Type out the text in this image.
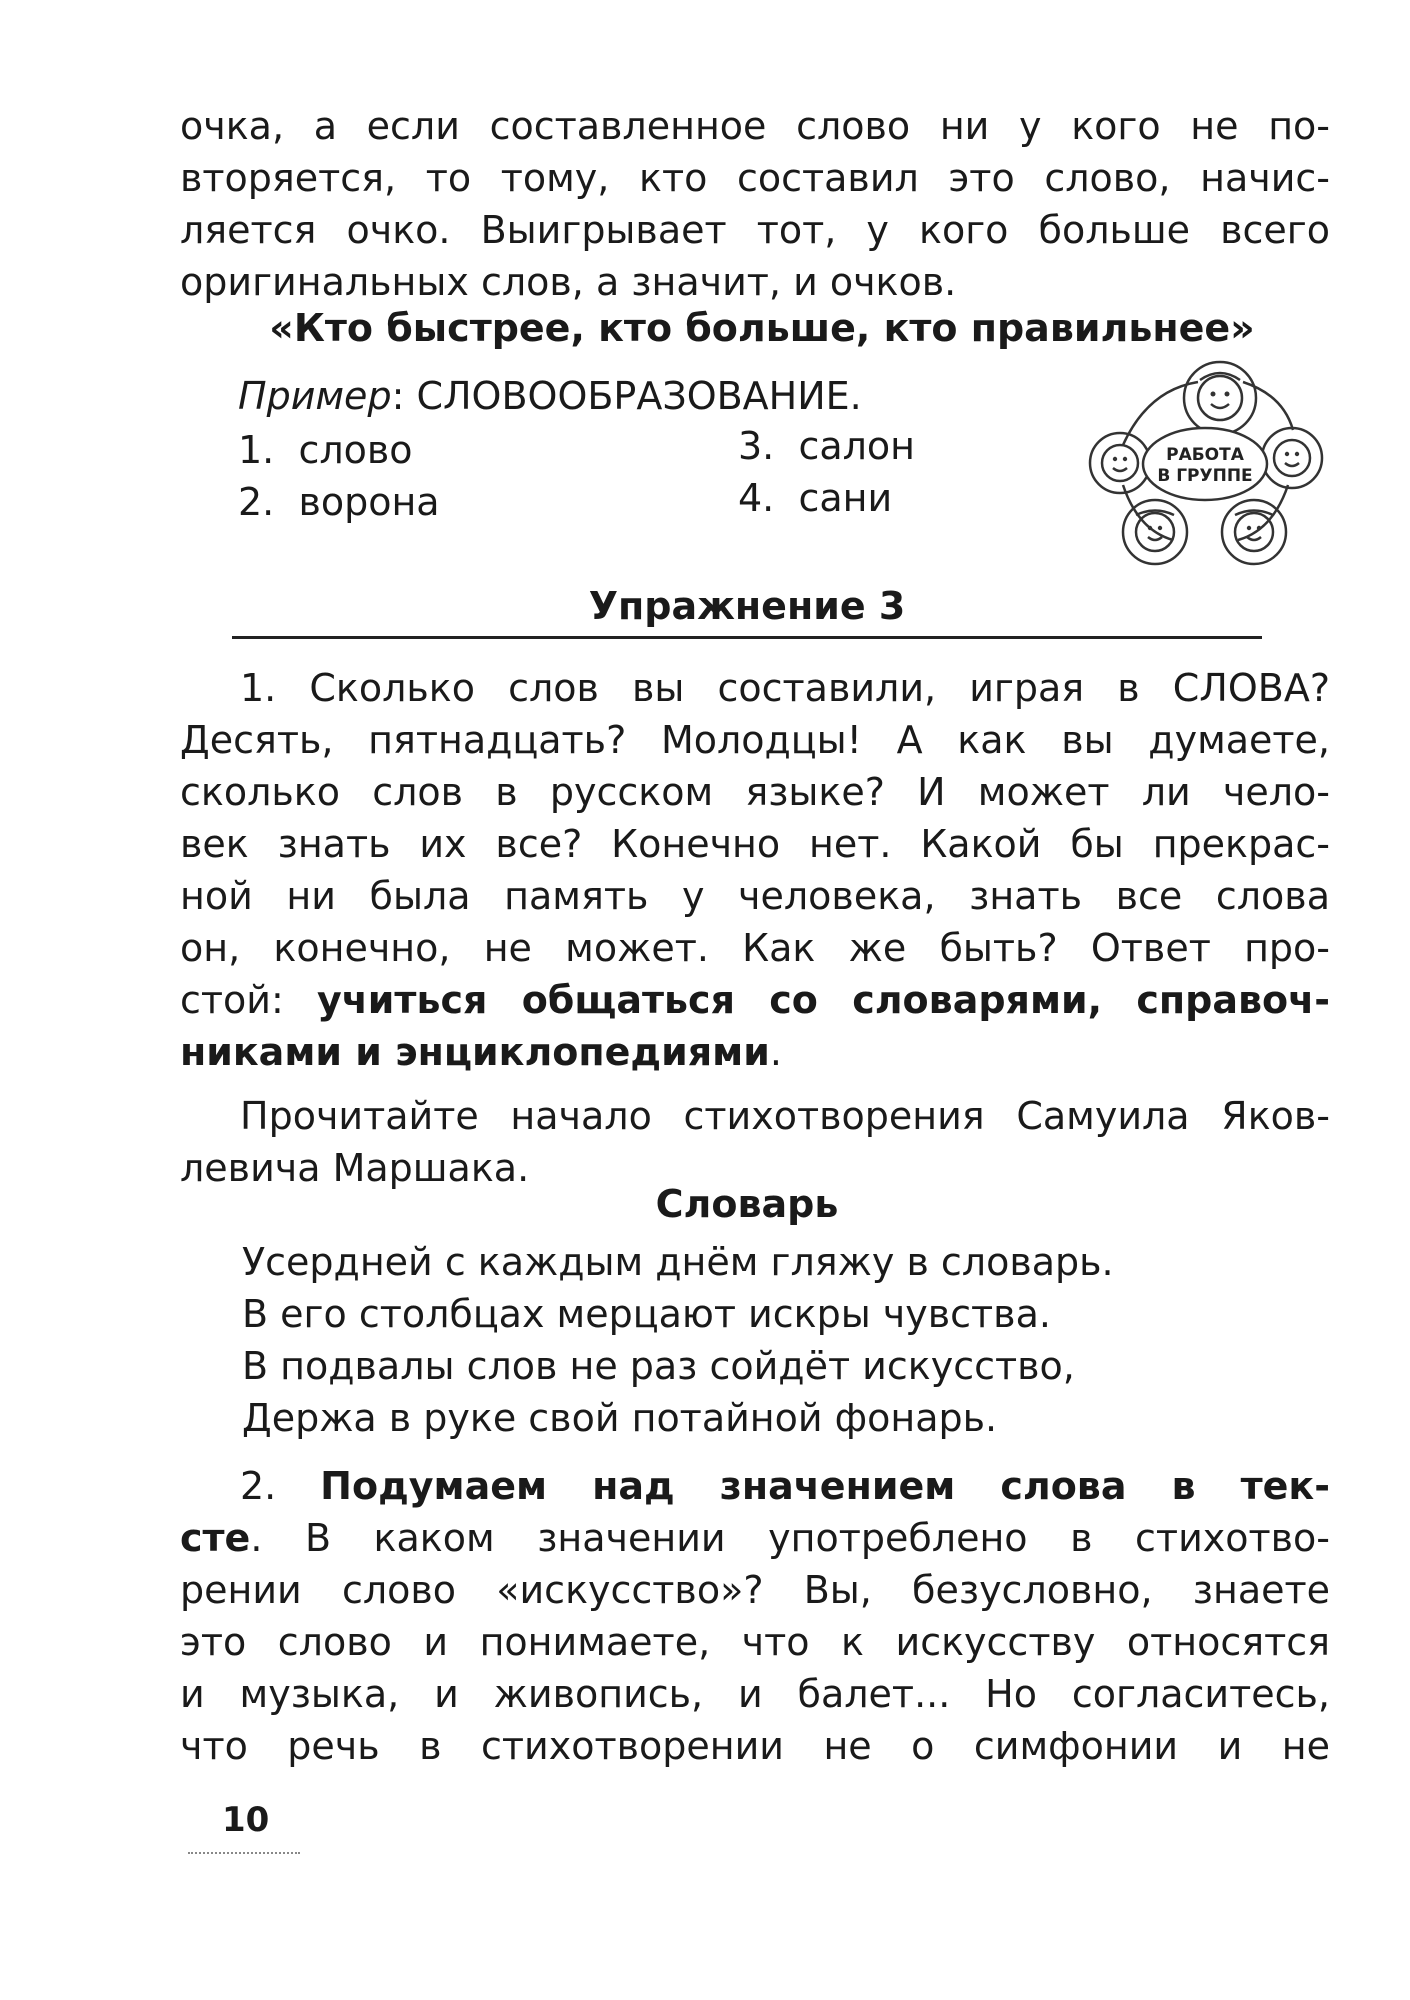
очка, а если составленное слово ни у кого не по-
вторяется, то тому, кто составил это слово, начис-
ляется очко. Выигрывает тот, у кого больше всего
оригинальных слов, а значит, и очков.
«Кто быстрее, кто больше, кто правильнее»
Пример: СЛОВООБРАЗОВАНИЕ.
1. слово
2. ворона
3. салон
4. сани
РАБОТА
В ГРУППЕ
Упражнение 3
1. Сколько слов вы составили, играя в СЛОВА?
Десять, пятнадцать? Молодцы! А как вы думаете,
сколько слов в русском языке? И может ли чело-
век знать их все? Конечно нет. Какой бы прекрас-
ной ни была память у человека, знать все слова
он, конечно, не может. Как же быть? Ответ про-
стой: учиться общаться со словарями, справоч-
никами и энциклопедиями.
Прочитайте начало стихотворения Самуила Яков-
левича Маршака.
Словарь
Усердней с каждым днём гляжу в словарь.
В его столбцах мерцают искры чувства.
В подвалы слов не раз сойдёт искусство,
Держа в руке свой потайной фонарь.
2. Подумаем над значением слова в тек-
сте. В каком значении употреблено в стихотво-
рении слово «искусство»? Вы, безусловно, знаете
это слово и понимаете, что к искусству относятся
и музыка, и живопись, и балет... Но согласитесь,
что речь в стихотворении не о симфонии и не
10
